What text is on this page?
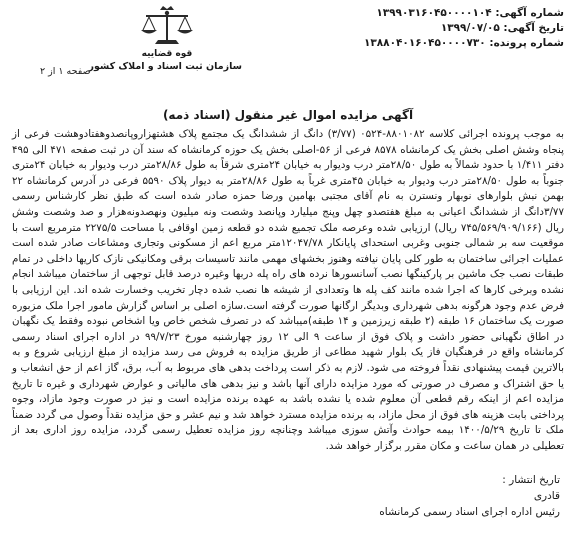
شماره آگهی: ۱۳۹۹۰۳۱۶۰۴۵۰۰۰۰۱۰۴
تاریخ آگهی: ۱۳۹۹/۰۷/۰۵
شماره پرونده: ۱۳۸۸۰۴۰۱۶۰۴۵۰۰۰۰۷۳۰
قوه قضاییه
سازمان ثبت اسناد و املاک کشور
صفحه ۱ از ۲
آگهی مزایده اموال غیر منقول (اسناد ذمه)
به موجب پرونده اجرائی کلاسه ۸۸۰۱۰۸۲-۰۵۲۴ (۳/۷۷) دانگ از ششدانگ یک مجتمع پلاک هشتهزاروپانصدوهفتادوهشت فرعی از پنجاه وشش اصلی بخش یک کرمانشاه ۸۵۷۸ فرعی از ۵۶-اصلی بخش یک حوزه کرمانشاه که سند آن در ثبت صفحه ۴۷۱ الی ۴۹۵ دفتر ۱/۴۱۱ با حدود شمالاً به طول ۲۸/۵۰متر درب ودیوار به خیابان ۲۴متری شرقاً به طول ۲۸/۸۶متر درب ودیوار به خیابان ۲۴متری جنوباً به طول ۲۸/۵۰متر درب ودیوار به خیابان ۴۵متری غرباً به طول ۲۸/۸۶متر به دیوار پلاک ۵۵۹۰ فرعی در آدرس کرمانشاه ۲۲ بهمن نبش بلوارهای نوبهار ونسترن به نام آقای مجتبی بهامین ورضا حمزه صادر شده است که طبق نظر کارشناس رسمی ۳/۷۷دانگ از ششدانگ اعیانی به مبلغ هفتصدو چهل وپنج میلیارد وپانصد وشصت ونه میلیون ونهصدونه‌هزار و صد وشصت وشش ریال (۷۴۵/۵۶۹/۹۰۹/۱۶۶ ریال) ارزیابی شده وعرصه ملک تجمیع شده دو قطعه زمین اوقافی با مساحت ۲۲۷۵/۵ مترمربع است با موقعیت سه بر شمالی جنوبی وغربی استحدای پایانکار ۱۲۰۴۷/۷۸متر مربع اعم از مسکونی وتجاری ومشاعات صادر شده است عملیات اجرائی ساختمان به طور کلی پایان نیافته وهنوز بخشهای مهمی مانند تاسیسات برقی ومکانیکی نازک کاریها داخلی در تمام طبقات نصب جک ماشین بر پارکینگها نصب آسانسورها نرده های راه پله دربها وغیره درصد قابل توجهی از ساختمان میباشد انجام نشده وبرخی کارها که اجرا شده مانند کف پله ها وتعدادی از شیشه ها نصب شده دچار تخریب وخسارت شده اند. این ارزیابی با فرض عدم وجود هرگونه بدهی شهرداری وبدیگر ارگانها صورت گرفته است.سازه اصلی بر اساس گزارش مامور اجرا ملک مزبوره صورت یک ساختمان ۱۶ طبقه (۲ طبقه زیرزمین و ۱۴ طبقه)میباشد که در تصرف شخص خاص ویا اشخاص نبوده وفقط یک نگهبان در اطاق نگهبانی حضور داشت و پلاک فوق از ساعت ۹ الی ۱۲ روز چهارشنبه مورخ ۹۹/۷/۲۳ در اداره اجرای اسناد رسمی کرمانشاه واقع در فرهنگیان فاز یک بلوار شهید مطاعی از طریق مزایده به فروش می رسد مزایده از مبلغ ارزیابی شروع و به بالاترین قیمت پیشنهادی نقداً فروخته می شود. لازم به ذکر است پرداخت بدهی های مربوط به آب، برق، گاز اعم از حق انشعاب و یا حق اشتراک و مصرف در صورتی که مورد مزایده دارای آنها باشد و نیز بدهی های مالیاتی و عوارض شهرداری و غیره تا تاریخ مزایده اعم از اینکه رقم قطعی آن معلوم شده یا نشده باشد به عهده برنده مزایده است و نیز در صورت وجود مازاد، وجوه پرداختی بابت هزینه های فوق از محل مازاد، به برنده مزایده مسترد خواهد شد و نیم عشر و حق مزایده نقداً وصول می گردد ضمناً ملک تا تاریخ ۱۴۰۰/۵/۲۹ بیمه حوادث وآتش سوزی میباشد وچنانچه روز مزایده تعطیل رسمی گردد، مزایده روز اداری بعد از تعطیلی در همان ساعت و مکان مقرر برگزار خواهد شد.
تاریخ انتشار :
قادری
رئیس اداره اجرای اسناد رسمی کرمانشاه
